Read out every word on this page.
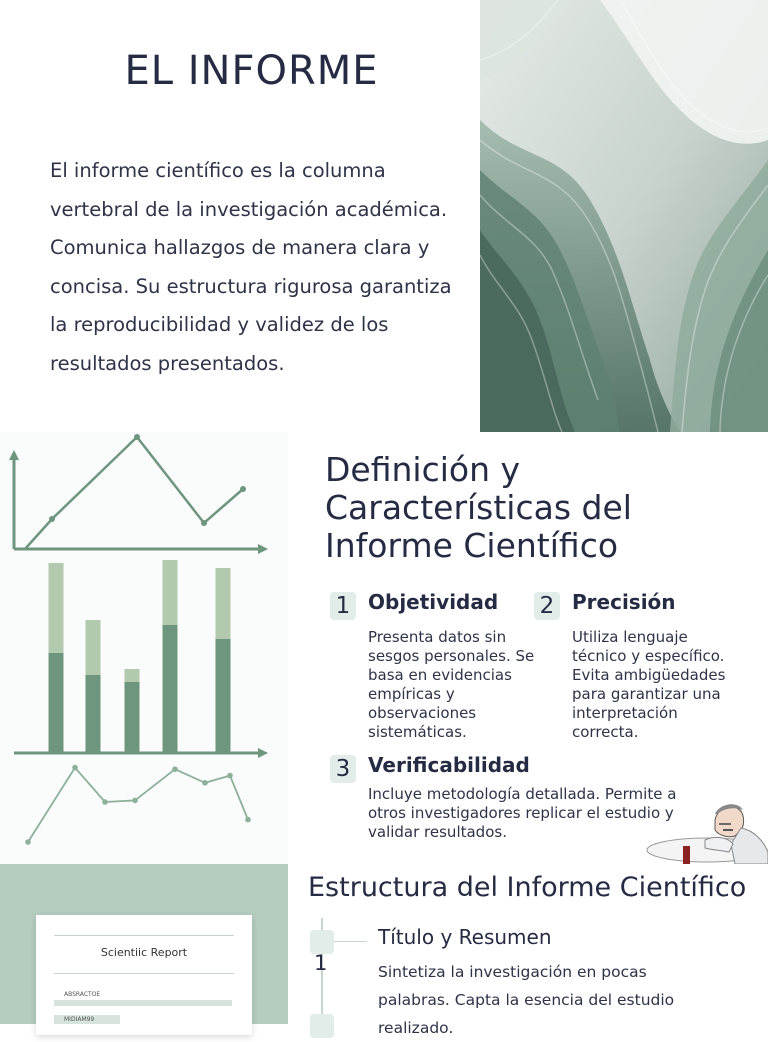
EL INFORME

El informe científico es la columna vertebral de la investigación académica. Comunica hallazgos de manera clara y concisa. Su estructura rigurosa garantiza la reproducibilidad y validez de los resultados presentados.

Definición y Características del Informe Científico
1 Objetividad

Presenta datos sin sesgos personales. Se basa en evidencias empíricas y observaciones sistemáticas.

2 Precisión

Utiliza lenguaje técnico y específico. Evita ambigüedades para garantizar una interpretación correcta.

3 Verificabilidad

Incluye metodología detallada. Permite a otros investigadores replicar el estudio y validar resultados.

Scientiic Report
ABSRACTOE
MIDIAM99
Estructura del Informe Científico
1
Título y Resumen

Sintetiza la investigación en pocas palabras. Capta la esencia del estudio realizado.
